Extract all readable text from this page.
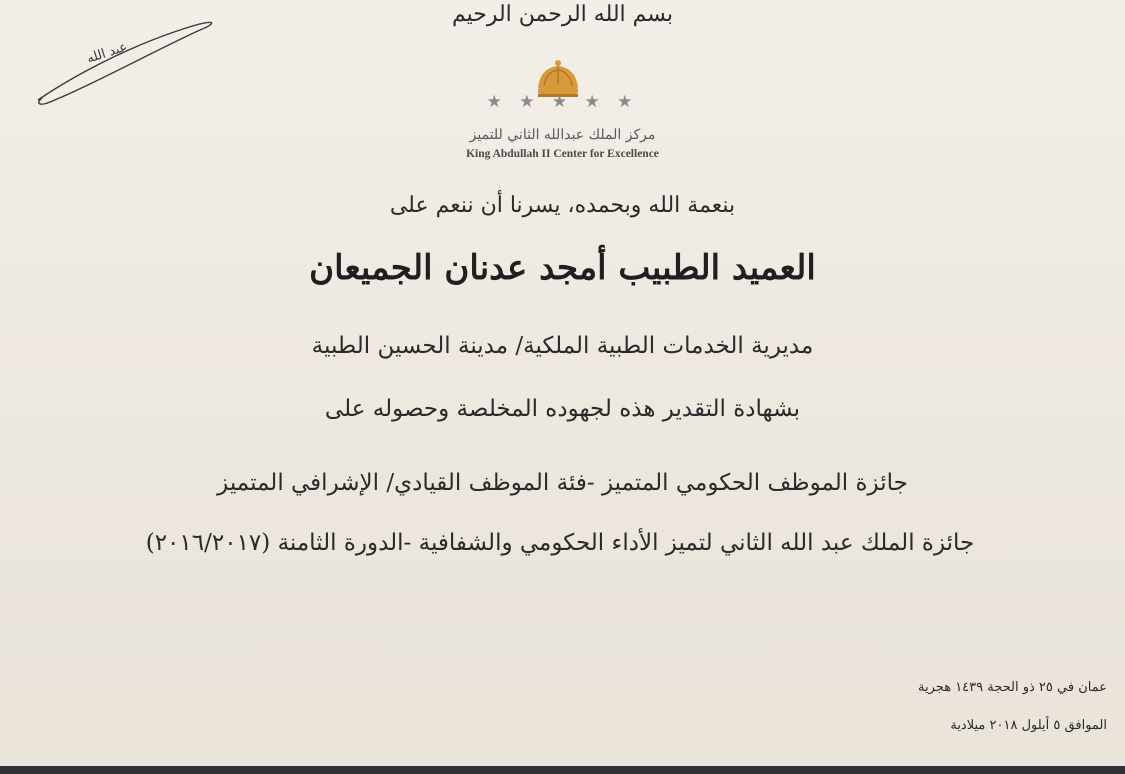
بسم الله الرحمن الرحيم
عبد الله
★ ★ ★ ★ ★
مركز الملك عبدالله الثاني للتميز
King Abdullah II Center for Excellence
بنعمة الله وبحمده، يسرنا أن ننعم على
العميد الطبيب أمجد عدنان الجميعان
مديرية الخدمات الطبية الملكية/ مدينة الحسين الطبية
بشهادة التقدير هذه لجهوده المخلصة وحصوله على
جائزة الموظف الحكومي المتميز -فئة الموظف القيادي/ الإشرافي المتميز
جائزة الملك عبد الله الثاني لتميز الأداء الحكومي والشفافية -الدورة الثامنة (٢٠١٦/٢٠١٧)
عمان في ٢٥ ذو الحجة ١٤٣٩ هجرية
الموافق ٥ أيلول ٢٠١٨ ميلادية
